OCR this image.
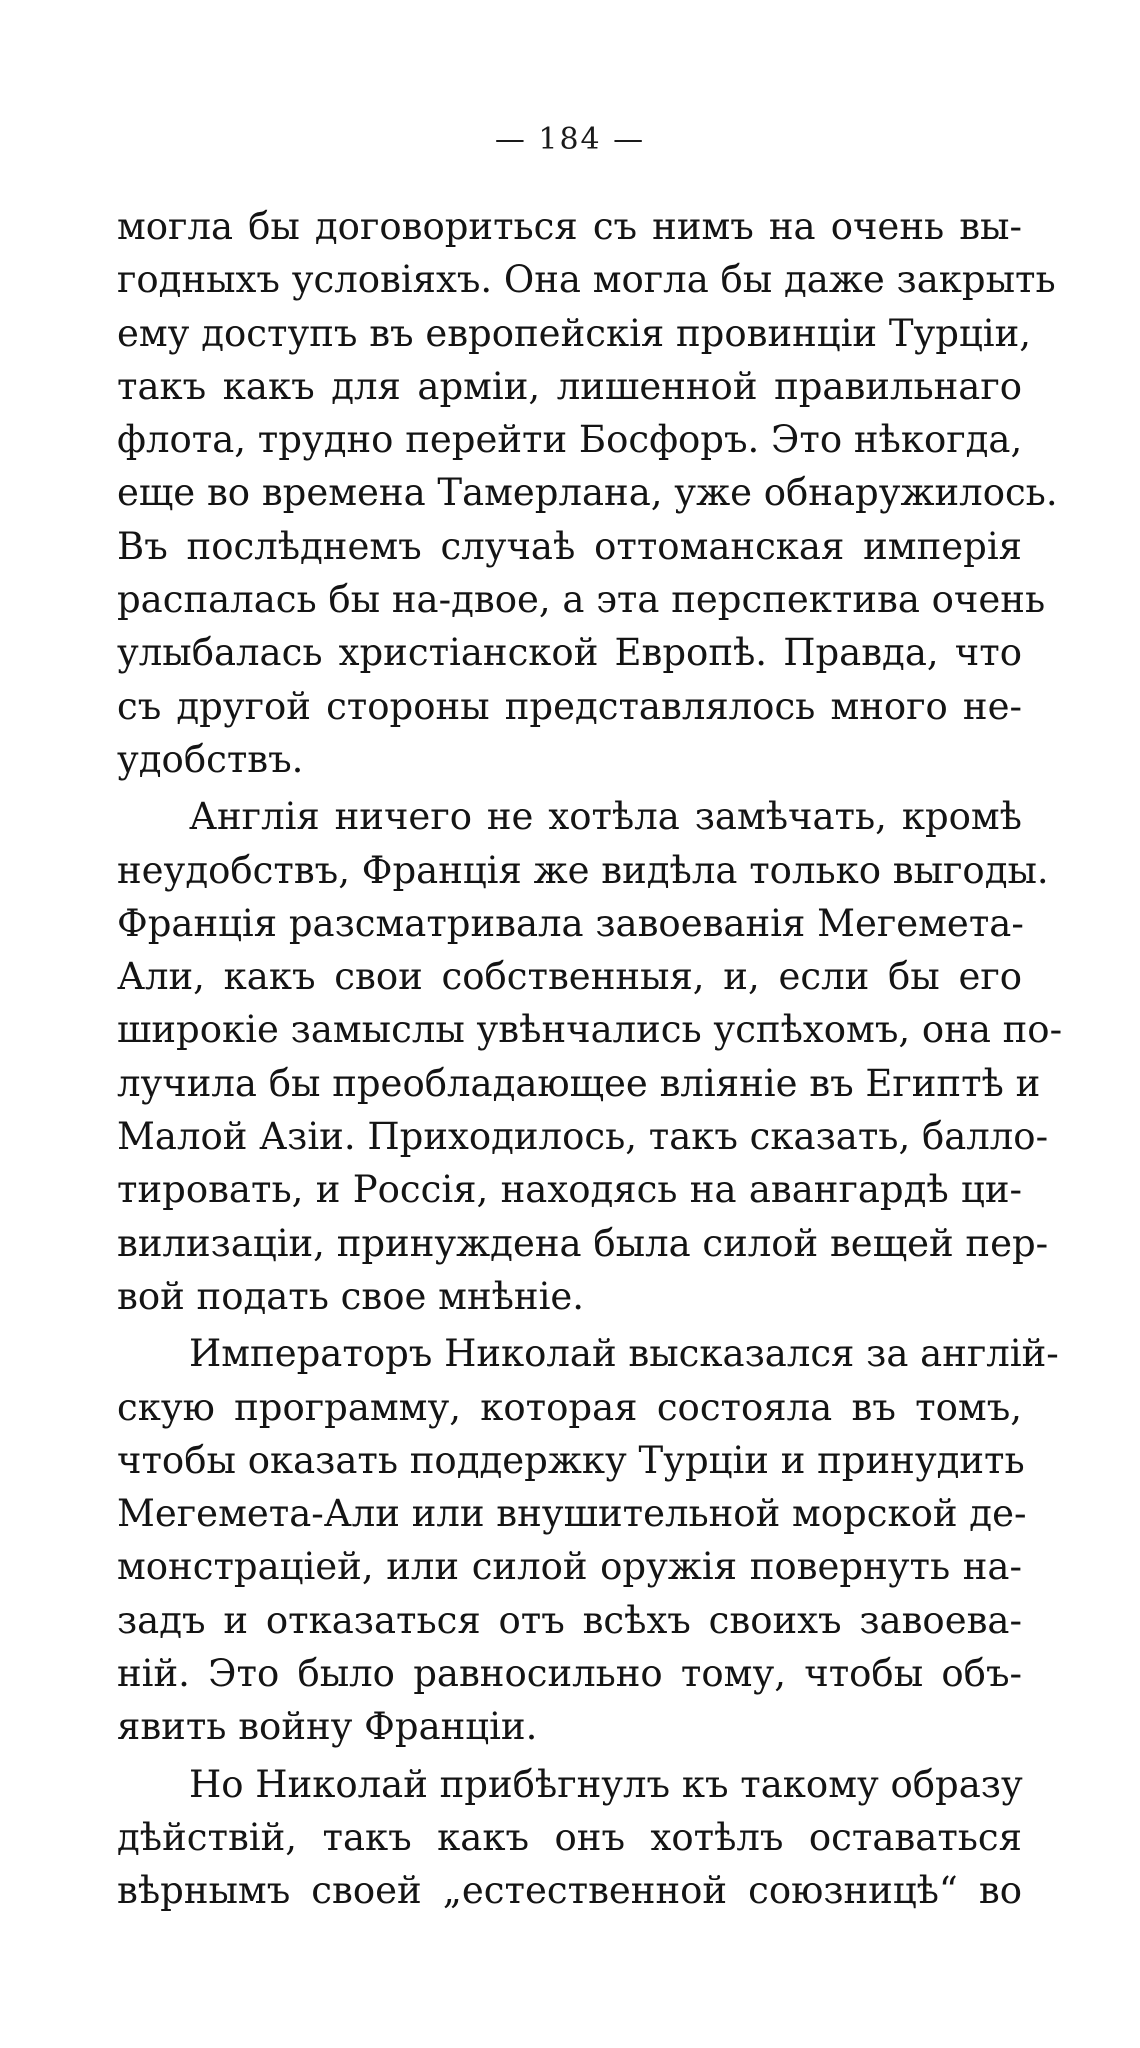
— 184 —
могла бы договориться съ нимъ на очень вы-
годныхъ условіяхъ. Она могла бы даже закрыть
ему доступъ въ европейскія провинціи Турціи,
такъ какъ для арміи, лишенной правильнаго
флота, трудно перейти Босфоръ. Это нѣкогда,
еще во времена Тамерлана, уже обнаружилось.
Въ послѣднемъ случаѣ оттоманская имперія
распалась бы на-двое, а эта перспектива очень
улыбалась христіанской Европѣ. Правда, что
съ другой стороны представлялось много не-
удобствъ.
Англія ничего не хотѣла замѣчать, кромѣ
неудобствъ, Франція же видѣла только выгоды.
Франція разсматривала завоеванія Мегемета-
Али, какъ свои собственныя, и, если бы его
широкіе замыслы увѣнчались успѣхомъ, она по-
лучила бы преобладающее вліяніе въ Египтѣ и
Малой Азіи. Приходилось, такъ сказать, балло-
тировать, и Россія, находясь на авангардѣ ци-
вилизаціи, принуждена была силой вещей пер-
вой подать свое мнѣніе.
Императоръ Николай высказался за англій-
скую программу, которая состояла въ томъ,
чтобы оказать поддержку Турціи и принудить
Мегемета-Али или внушительной морской де-
монстраціей, или силой оружія повернуть на-
задъ и отказаться отъ всѣхъ своихъ завоева-
ній. Это было равносильно тому, чтобы объ-
явить войну Франціи.
Но Николай прибѣгнулъ къ такому образу
дѣйствій, такъ какъ онъ хотѣлъ оставаться
вѣрнымъ своей „естественной союзницѣ“ во
